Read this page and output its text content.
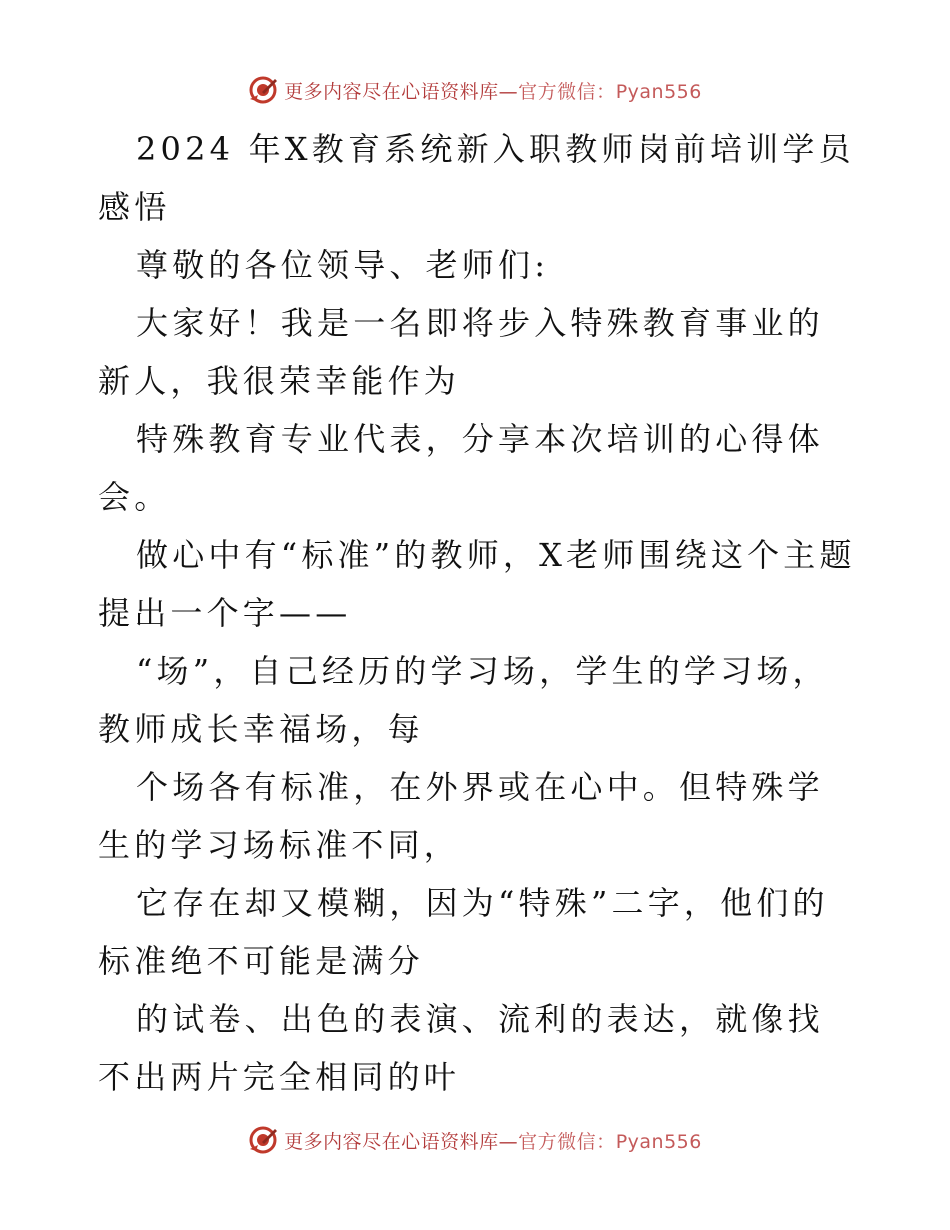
更多内容尽在心语资料库—官方微信：Pyan556

2024 年X教育系统新入职教师岗前培训学员感悟

尊敬的各位领导、老师们:

大家好！我是一名即将步入特殊教育事业的新人，我很荣幸能作为

特殊教育专业代表，分享本次培训的心得体会。

做心中有“标准”的教师，X老师围绕这个主题提出一个字——

“场”，自己经历的学习场，学生的学习场，教师成长幸福场，每

个场各有标准，在外界或在心中。但特殊学生的学习场标准不同，

它存在却又模糊，因为“特殊”二字，他们的标准绝不可能是满分

的试卷、出色的表演、流利的表达，就像找不出两片完全相同的叶

更多内容尽在心语资料库—官方微信：Pyan556
